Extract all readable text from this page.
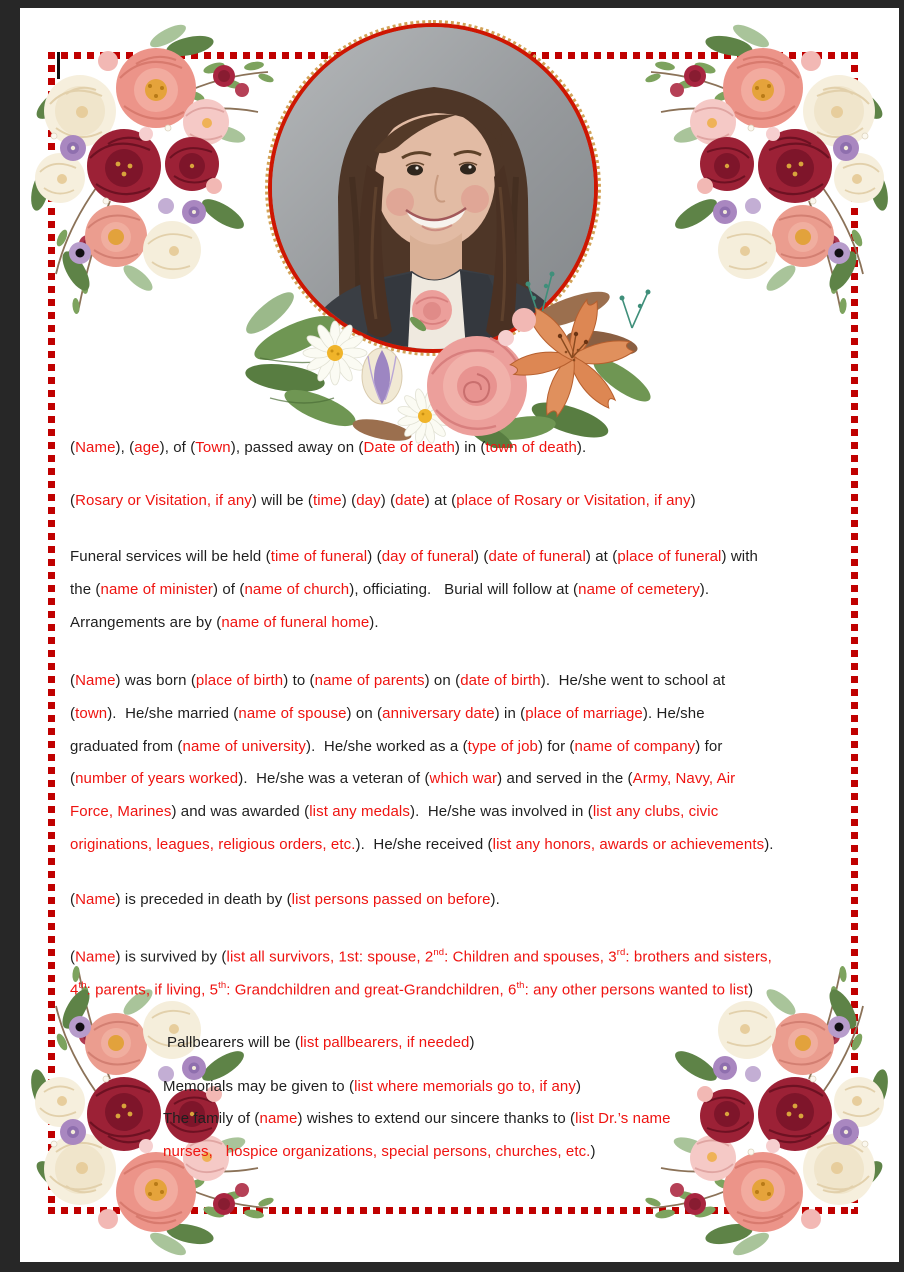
(Name), (age), of (Town), passed away on (Date of death) in (town of death).
(Rosary or Visitation, if any) will be (time) (day) (date) at (place of Rosary or Visitation, if any)
Funeral services will be held (time of funeral) (day of funeral) (date of funeral) at (place of funeral) with
the (name of minister) of (name of church), officiating.   Burial will follow at (name of cemetery).
Arrangements are by (name of funeral home).
(Name) was born (place of birth) to (name of parents) on (date of birth).  He/she went to school at
(town).  He/she married (name of spouse) on (anniversary date) in (place of marriage). He/she
graduated from (name of university).  He/she worked as a (type of job) for (name of company) for
(number of years worked).  He/she was a veteran of (which war) and served in the (Army, Navy, Air
Force, Marines) and was awarded (list any medals).  He/she was involved in (list any clubs, civic
originations, leagues, religious orders, etc.).  He/she received (list any honors, awards or achievements).
(Name) is preceded in death by (list persons passed on before).
(Name) is survived by (list all survivors, 1st: spouse, 2nd: Children and spouses, 3rd: brothers and sisters,
4th: parents, if living, 5th: Grandchildren and great-Grandchildren, 6th: any other persons wanted to list)
Pallbearers will be (list pallbearers, if needed)
Memorials may be given to (list where memorials go to, if any)
The family of (name) wishes to extend our sincere thanks to (list Dr.’s name
nurses,   hospice organizations, special persons, churches, etc.)
